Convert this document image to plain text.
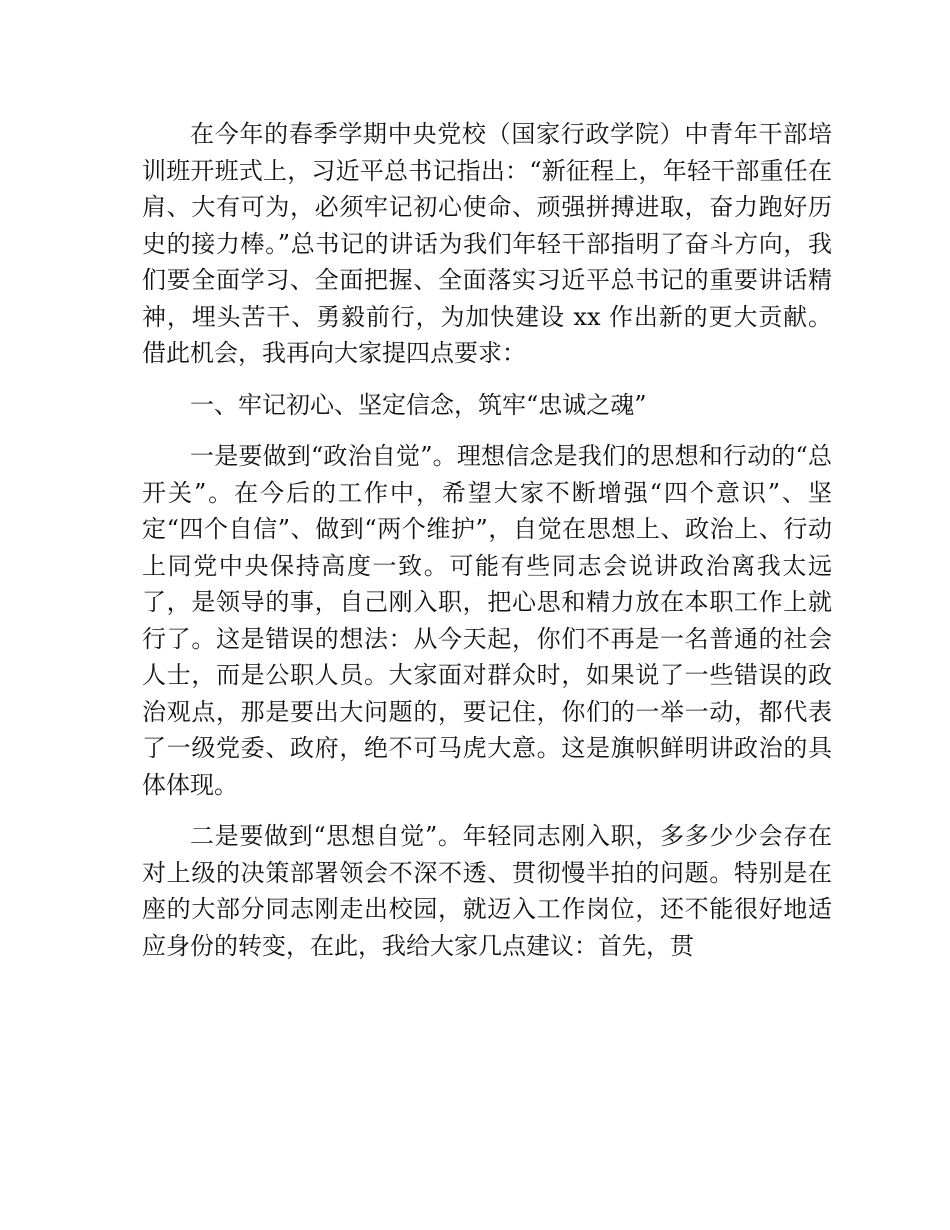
在今年的春季学期中央党校（国家行政学院）中青年干部培训班开班式上，习近平总书记指出：“新征程上，年轻干部重任在肩、大有可为，必须牢记初心使命、顽强拼搏进取，奋力跑好历史的接力棒。”总书记的讲话为我们年轻干部指明了奋斗方向，我们要全面学习、全面把握、全面落实习近平总书记的重要讲话精神，埋头苦干、勇毅前行，为加快建设 xx 作出新的更大贡献。借此机会，我再向大家提四点要求：

一、牢记初心、坚定信念，筑牢“忠诚之魂”

一是要做到“政治自觉”。理想信念是我们的思想和行动的“总开关”。在今后的工作中，希望大家不断增强“四个意识”、坚定“四个自信”、做到“两个维护”，自觉在思想上、政治上、行动上同党中央保持高度一致。可能有些同志会说讲政治离我太远了，是领导的事，自己刚入职，把心思和精力放在本职工作上就行了。这是错误的想法：从今天起，你们不再是一名普通的社会人士，而是公职人员。大家面对群众时，如果说了一些错误的政治观点，那是要出大问题的，要记住，你们的一举一动，都代表了一级党委、政府，绝不可马虎大意。这是旗帜鲜明讲政治的具体体现。

二是要做到“思想自觉”。年轻同志刚入职，多多少少会存在对上级的决策部署领会不深不透、贯彻慢半拍的问题。特别是在座的大部分同志刚走出校园，就迈入工作岗位，还不能很好地适应身份的转变，在此，我给大家几点建议：首先，贯
